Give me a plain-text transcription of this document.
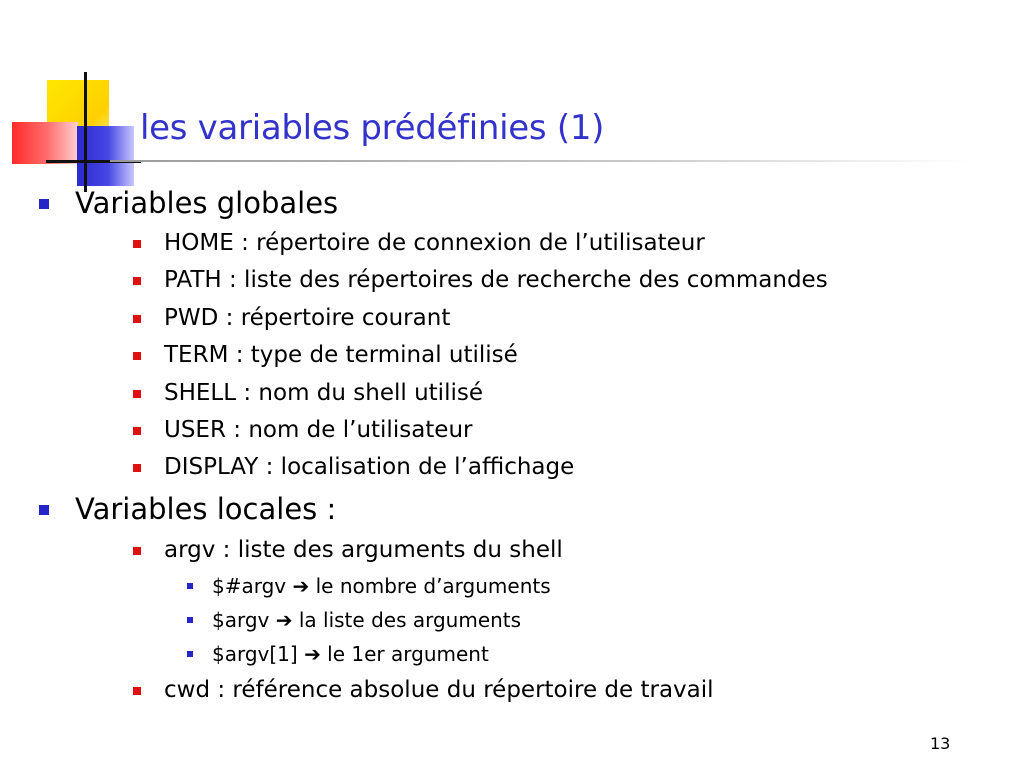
les variables prédéfinies (1)
Variables globales
HOME : répertoire de connexion de l’utilisateur
PATH : liste des répertoires de recherche des commandes
PWD : répertoire courant
TERM : type de terminal utilisé
SHELL : nom du shell utilisé
USER : nom de l’utilisateur
DISPLAY : localisation de l’affichage
Variables locales :
argv : liste des arguments du shell
$#argv ➔ le nombre d’arguments
$argv ➔ la liste des arguments
$argv[1] ➔ le 1er argument
cwd : référence absolue du répertoire de travail
13
